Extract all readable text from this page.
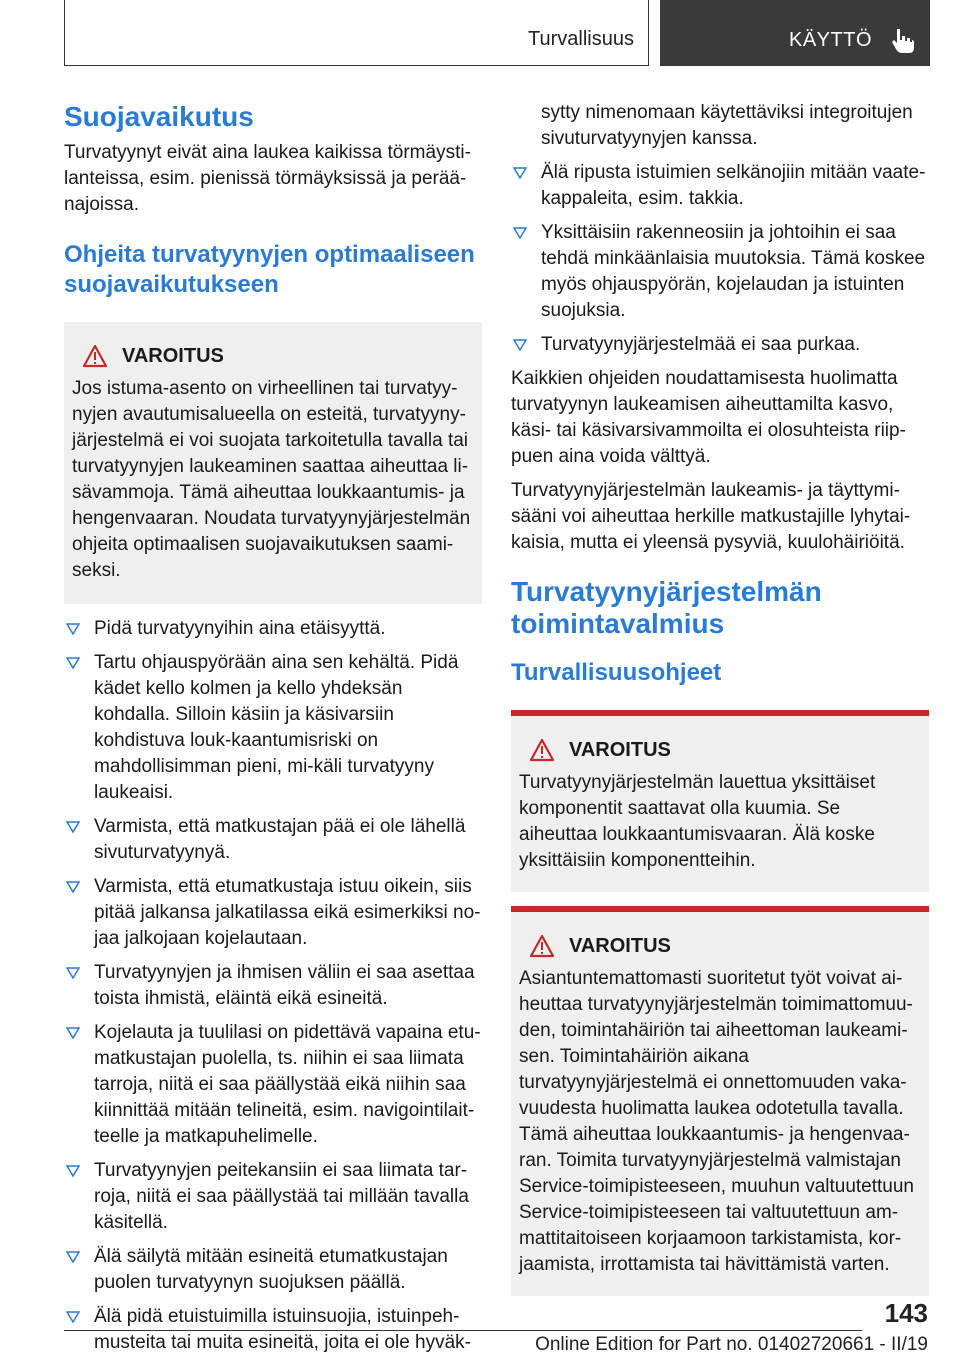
Turvallisuus	KÄYTTÖ
Suojavaikutus

Turvatyynyt eivät aina laukea kaikissa törmäysti-lanteissa, esim. pienissä törmäyksissä ja perää-najoissa.

Ohjeita turvatyynyjen optimaaliseen suojavaikutukseen
VAROITUS
Jos istuma-asento on virheellinen tai turvatyy-nyjen avautumisalueella on esteitä, turvatyyny-järjestelmä ei voi suojata tarkoitetulla tavalla tai turvatyynyjen laukeaminen saattaa aiheuttaa li-sävammoja. Tämä aiheuttaa loukkaantumis- ja hengenvaaran. Noudata turvatyynyjärjestelmän ohjeita optimaalisen suojavaikutuksen saami-seksi.
Pidä turvatyynyihin aina etäisyyttä.
Tartu ohjauspyörään aina sen kehältä. Pidä kädet kello kolmen ja kello yhdeksän kohdalla. Silloin käsiin ja käsivarsiin kohdistuva louk-kaantumisriski on mahdollisimman pieni, mi-käli turvatyyny laukeaisi.
Varmista, että matkustajan pää ei ole lähellä sivuturvatyynyä.
Varmista, että etumatkustaja istuu oikein, siis pitää jalkansa jalkatilassa eikä esimerkiksi no-jaa jalkojaan kojelautaan.
Turvatyynyjen ja ihmisen väliin ei saa asettaa toista ihmistä, eläintä eikä esineitä.
Kojelauta ja tuulilasi on pidettävä vapaina etu-matkustajan puolella, ts. niihin ei saa liimata tarroja, niitä ei saa päällystää eikä niihin saa kiinnittää mitään telineitä, esim. navigointilait-teelle ja matkapuhelimelle.
Turvatyynyjen peitekansiin ei saa liimata tar-roja, niitä ei saa päällystää tai millään tavalla käsitellä.
Älä säilytä mitään esineitä etumatkustajan puolen turvatyynyn suojuksen päällä.
Älä pidä etuistuimilla istuinsuojia, istuinpeh-musteita tai muita esineitä, joita ei ole hyväk-
sytty nimenomaan käytettäviksi integroitujen sivuturvatyynyjen kanssa.
Älä ripusta istuimien selkänojiin mitään vaate-kappaleita, esim. takkia.
Yksittäisiin rakenneosiin ja johtoihin ei saa tehdä minkäänlaisia muutoksia. Tämä koskee myös ohjauspyörän, kojelaudan ja istuinten suojuksia.
Turvatyynyjärjestelmää ei saa purkaa.

Kaikkien ohjeiden noudattamisesta huolimatta turvatyynyn laukeamisen aiheuttamilta kasvo, käsi- tai käsivarsivammoilta ei olosuhteista riip-puen aina voida välttyä.

Turvatyynyjärjestelmän laukeamis- ja täyttymi-sääni voi aiheuttaa herkille matkustajille lyhytai-kaisia, mutta ei yleensä pysyviä, kuulohäiriöitä.

Turvatyynyjärjestelmän toimintavalmius
Turvallisuusohjeet
VAROITUS
Turvatyynyjärjestelmän lauettua yksittäiset komponentit saattavat olla kuumia. Se aiheuttaa loukkaantumisvaaran. Älä koske yksittäisiin komponentteihin.
VAROITUS
Asiantuntemattomasti suoritetut työt voivat ai-heuttaa turvatyynyjärjestelmän toimimattomuu-den, toimintahäiriön tai aiheettoman laukeami-sen. Toimintahäiriön aikana turvatyynyjärjestelmä ei onnettomuuden vaka-vuudesta huolimatta laukea odotetulla tavalla. Tämä aiheuttaa loukkaantumis- ja hengenvaa-ran. Toimita turvatyynyjärjestelmä valmistajan Service-toimipisteeseen, muuhun valtuutettuun Service-toimipisteeseen tai valtuutettuun am-mattitaitoiseen korjaamoon tarkistamista, kor-jaamista, irrottamista tai hävittämistä varten.
143
Online Edition for Part no. 01402720661 - II/19
